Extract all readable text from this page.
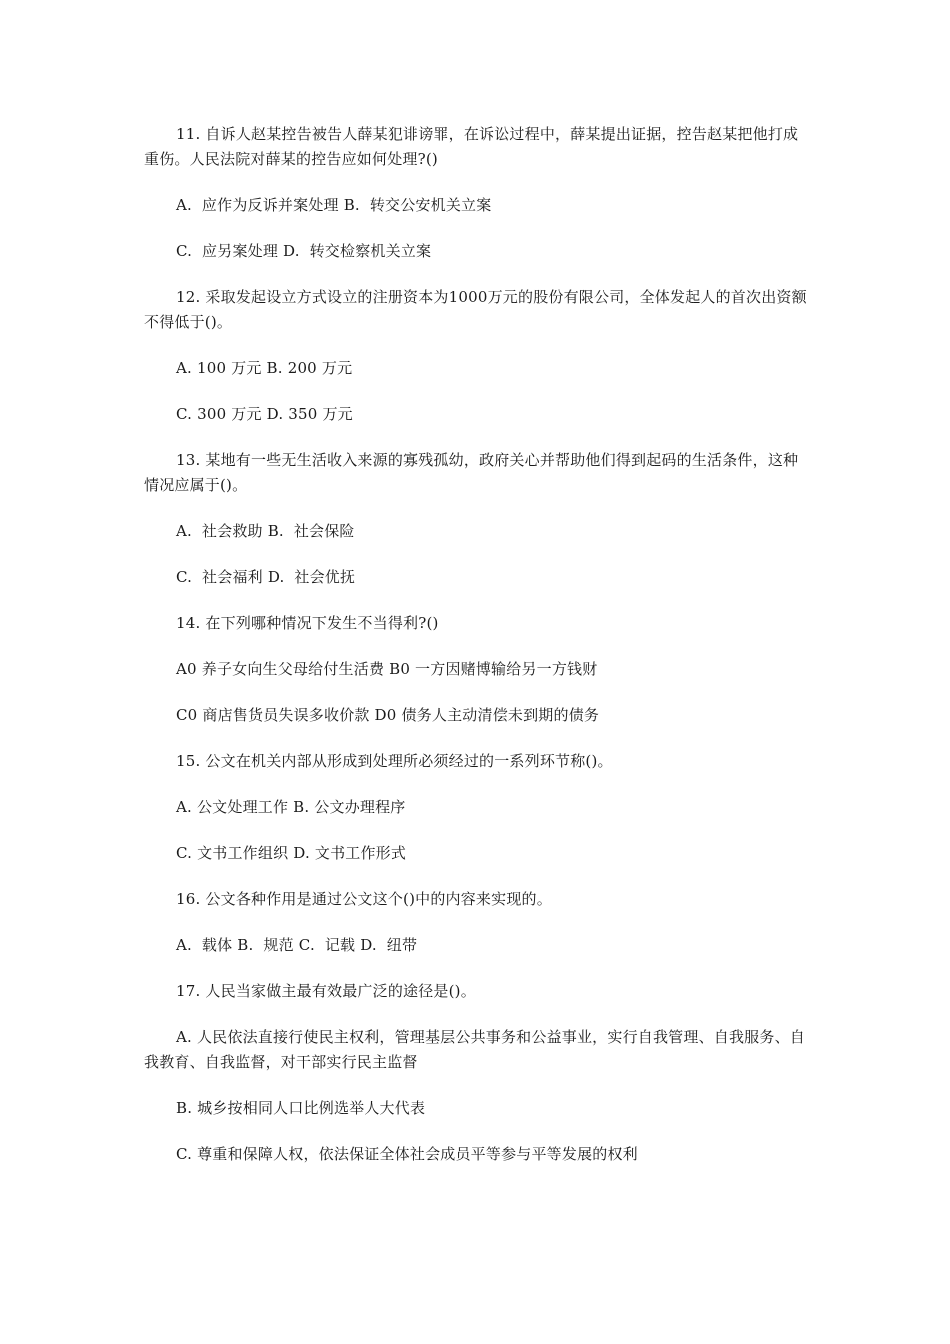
11. 自诉人赵某控告被告人薛某犯诽谤罪，在诉讼过程中，薛某提出证据，控告赵某把他打成重伤。人民法院对薛某的控告应如何处理?()

A.  应作为反诉并案处理 B.  转交公安机关立案

C.  应另案处理 D.  转交检察机关立案

12. 采取发起设立方式设立的注册资本为1000万元的股份有限公司，全体发起人的首次出资额不得低于()。

A. 100 万元 B. 200 万元

C. 300 万元 D. 350 万元

13. 某地有一些无生活收入来源的寡残孤幼，政府关心并帮助他们得到起码的生活条件，这种情况应属于()。

A.  社会救助 B.  社会保险

C.  社会福利 D.  社会优抚

14. 在下列哪种情况下发生不当得利?()

A0 养子女向生父母给付生活费 B0 一方因赌博输给另一方钱财

C0 商店售货员失误多收价款 D0 债务人主动清偿未到期的债务

15. 公文在机关内部从形成到处理所必须经过的一系列环节称()。

A. 公文处理工作 B. 公文办理程序

C. 文书工作组织 D. 文书工作形式

16. 公文各种作用是通过公文这个()中的内容来实现的。

A.  载体 B.  规范 C.  记载 D.  纽带

17. 人民当家做主最有效最广泛的途径是()。

A. 人民依法直接行使民主权利，管理基层公共事务和公益事业，实行自我管理、自我服务、自我教育、自我监督，对干部实行民主监督

B. 城乡按相同人口比例选举人大代表

C. 尊重和保障人权，依法保证全体社会成员平等参与平等发展的权利
